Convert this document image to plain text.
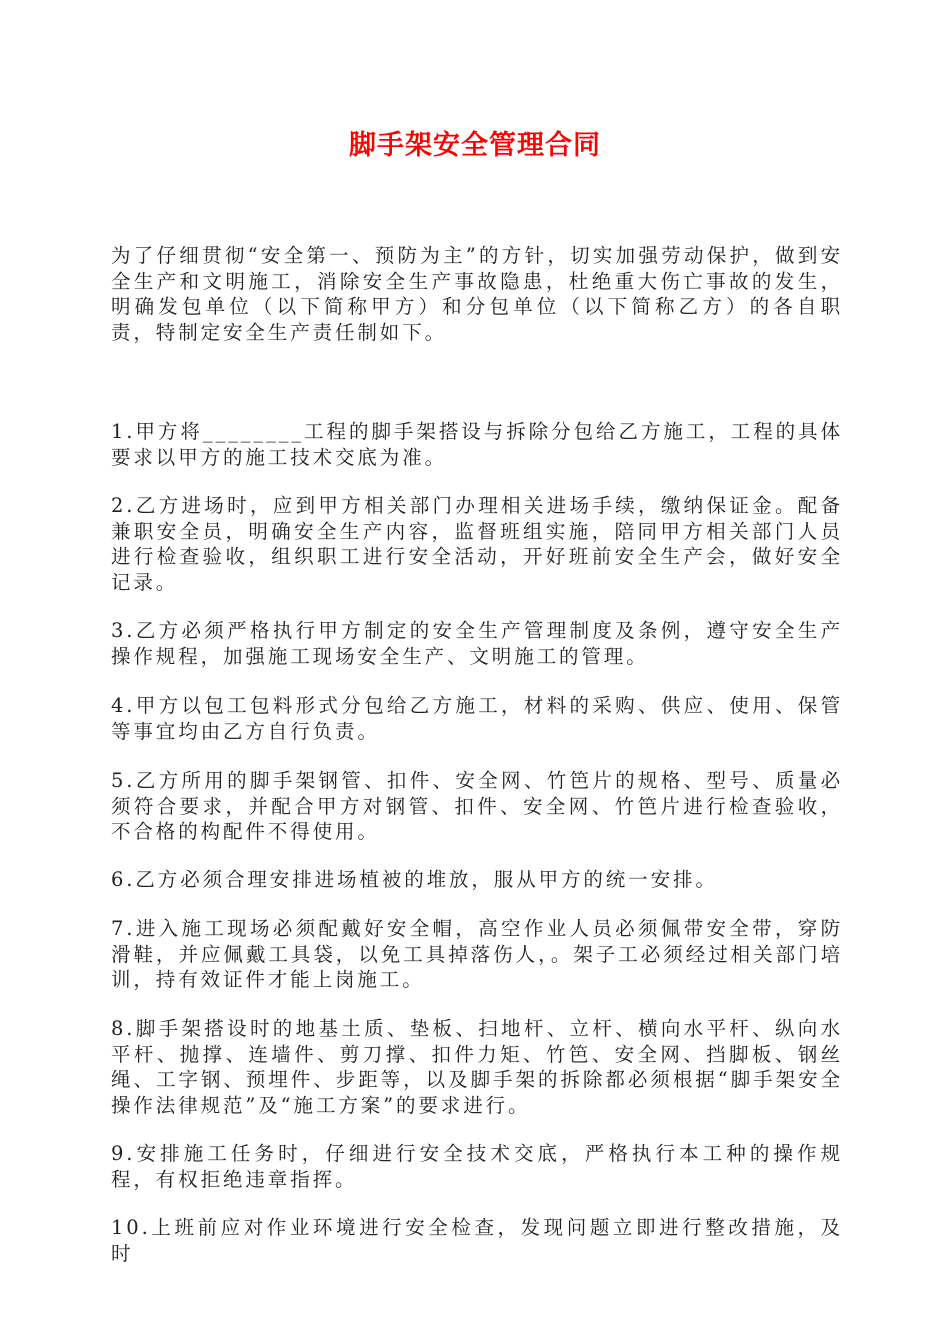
脚手架安全管理合同

为了仔细贯彻“安全第一、预防为主”的方针，切实加强劳动保护，做到安全生产和文明施工，消除安全生产事故隐患，杜绝重大伤亡事故的发生，明确发包单位（以下简称甲方）和分包单位（以下简称乙方）的各自职责，特制定安全生产责任制如下。

1.甲方将________工程的脚手架搭设与拆除分包给乙方施工，工程的具体要求以甲方的施工技术交底为准。

2.乙方进场时，应到甲方相关部门办理相关进场手续，缴纳保证金。配备兼职安全员，明确安全生产内容，监督班组实施，陪同甲方相关部门人员进行检查验收，组织职工进行安全活动，开好班前安全生产会，做好安全记录。

3.乙方必须严格执行甲方制定的安全生产管理制度及条例，遵守安全生产操作规程，加强施工现场安全生产、文明施工的管理。

4.甲方以包工包料形式分包给乙方施工，材料的采购、供应、使用、保管等事宜均由乙方自行负责。

5.乙方所用的脚手架钢管、扣件、安全网、竹笆片的规格、型号、质量必须符合要求，并配合甲方对钢管、扣件、安全网、竹笆片进行检查验收，不合格的构配件不得使用。

6.乙方必须合理安排进场植被的堆放，服从甲方的统一安排。

7.进入施工现场必须配戴好安全帽，高空作业人员必须佩带安全带，穿防滑鞋，并应佩戴工具袋，以免工具掉落伤人，。架子工必须经过相关部门培训，持有效证件才能上岗施工。

8.脚手架搭设时的地基土质、垫板、扫地杆、立杆、横向水平杆、纵向水平杆、抛撑、连墙件、剪刀撑、扣件力矩、竹笆、安全网、挡脚板、钢丝绳、工字钢、预埋件、步距等，以及脚手架的拆除都必须根据“脚手架安全操作法律规范”及“施工方案”的要求进行。

9.安排施工任务时，仔细进行安全技术交底，严格执行本工种的操作规程，有权拒绝违章指挥。

10.上班前应对作业环境进行安全检查，发现问题立即进行整改措施，及时
